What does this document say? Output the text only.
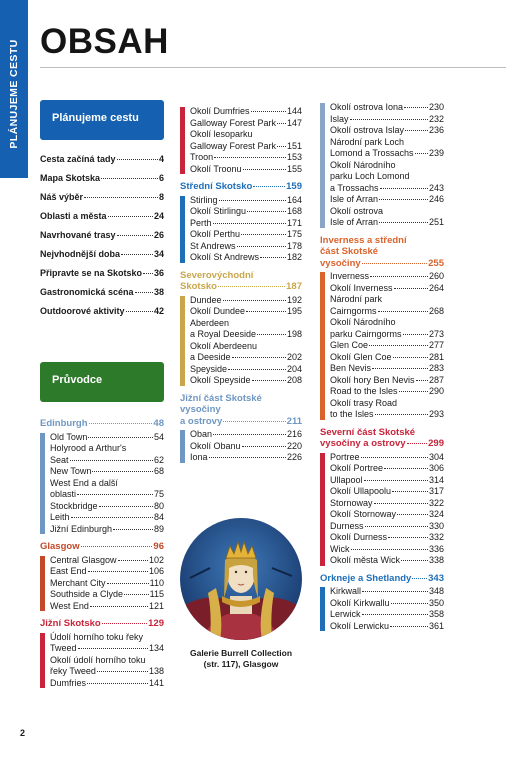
PLÁNUJEME CESTU OBSAH
Plánujeme cestu
Cesta začíná tady	4
Mapa Skotska	6
Náš výběr	8
Oblasti a města	24
Navrhované trasy	26
Nejvhodnější doba	34
Připravte se na Skotsko 36
Gastronomická scéna 38
Outdoorové aktivity	42
Průvodce
Edinburgh	48
Old Town	54
Holyrood a Arthur's
Seat	62
New Town	68
West End a další
oblasti	75
Stockbridge	80
Leith	84
Jižní Edinburgh	89
Glasgow	96
Central Glasgow	102
East End	106
Merchant City	110
Southside a Clyde	115
West End	121
Jižní Skotsko	129
Údolí horního toku řeky
Tweed	134
Okolí údolí horního toku
řeky Tweed	138
Dumfries	141
Okolí Dumfries	144
Galloway Forest Park 147
Okolí lesoparku
Galloway Forest Park 151
Troon	153
Okolí Troonu	155
Střední Skotsko	159
Stirling	164
Okolí Stirlingu	168
Perth	171
Okolí Perthu	175
St Andrews	178
Okolí St Andrews	182
Severovýchodní
Skotsko	187
Dundee	192
Okolí Dundee	195
Aberdeen
a Royal Deeside	198
Okolí Aberdeenu
a Deeside	202
Speyside	204
Okolí Speyside	208
Jižní část Skotské vysočiny
a ostrovy	211
Oban	216
Okolí Obanu	220
Iona	226
Okolí ostrova Iona	230
Islay	232
Okolí ostrova Islay	236
Národní park Loch
Lomond a Trossachs 239
Okolí Národního
parku Loch Lomond
a Trossachs	243
Isle of Arran	246
Okolí ostrova
Isle of Arran	251
Inverness a střední
část Skotské
vysočiny	255
Inverness	260
Okolí Inverness	264
Národní park
Cairngorms	268
Okolí Národního
parku Cairngorms	273
Glen Coe	277
Okolí Glen Coe	281
Ben Nevis	283
Okolí hory Ben Nevis 287
Road to the Isles	290
Okolí trasy Road
to the Isles	293
Severní část Skotské
vysočiny a ostrovy 299
Portree	304
Okolí Portree	306
Ullapool	314
Okolí Ullapoolu	317
Stornoway	322
Okolí Stornoway	324
Durness	330
Okolí Durness	332
Wick	336
Okolí města Wick	338
Orkneje a Shetlandy 343
Kirkwall	348
Okolí Kirkwallu	350
Lerwick	358
Okolí Lerwicku	361
Galerie Burrell Collection
(str. 117), Glasgow
2
